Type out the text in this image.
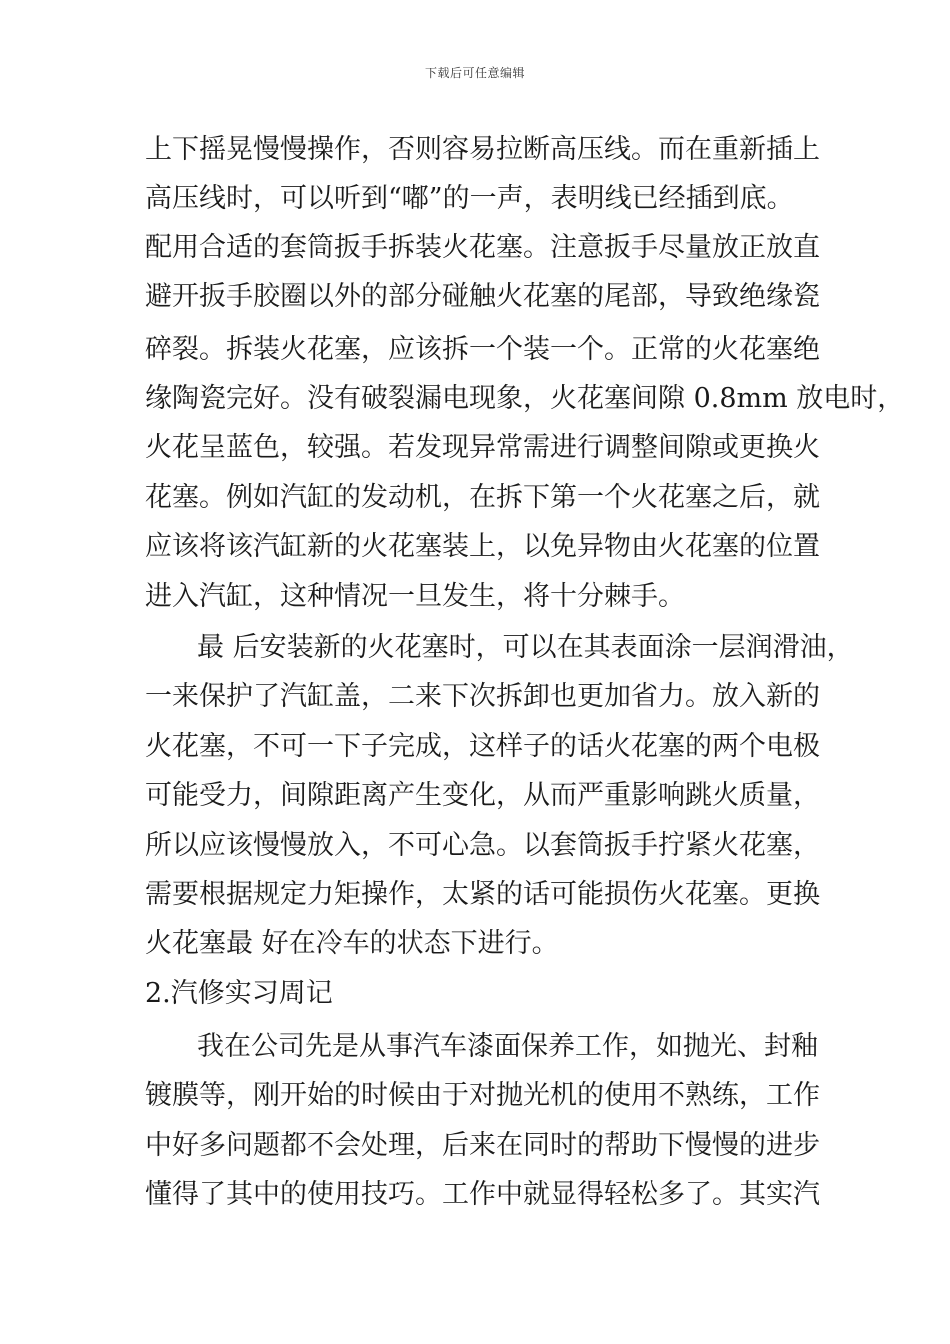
下载后可任意编辑
上下摇晃慢慢操作，否则容易拉断高压线。而在重新插上
高压线时，可以听到“嘟”的一声，表明线已经插到底。
配用合适的套筒扳手拆装火花塞。注意扳手尽量放正放直
避开扳手胶圈以外的部分碰触火花塞的尾部，导致绝缘瓷
碎裂。拆装火花塞，应该拆一个装一个。正常的火花塞绝
缘陶瓷完好。没有破裂漏电现象，火花塞间隙 0.8mm 放电时，
火花呈蓝色，较强。若发现异常需进行调整间隙或更换火
花塞。例如汽缸的发动机，在拆下第一个火花塞之后，就
应该将该汽缸新的火花塞装上，以免异物由火花塞的位置
进入汽缸，这种情况一旦发生，将十分棘手。
最 后安装新的火花塞时，可以在其表面涂一层润滑油，
一来保护了汽缸盖，二来下次拆卸也更加省力。放入新的
火花塞，不可一下子完成，这样子的话火花塞的两个电极
可能受力，间隙距离产生变化，从而严重影响跳火质量，
所以应该慢慢放入，不可心急。以套筒扳手拧紧火花塞，
需要根据规定力矩操作，太紧的话可能损伤火花塞。更换
火花塞最 好在冷车的状态下进行。
2.汽修实习周记
我在公司先是从事汽车漆面保养工作，如抛光、封釉
镀膜等，刚开始的时候由于对抛光机的使用不熟练，工作
中好多问题都不会处理，后来在同时的帮助下慢慢的进步
懂得了其中的使用技巧。工作中就显得轻松多了。其实汽
